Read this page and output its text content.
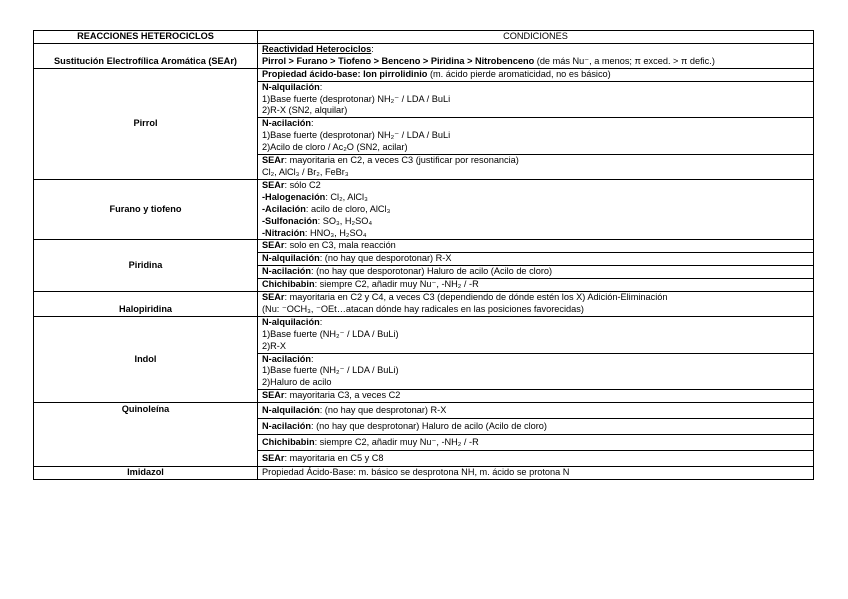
REACCIONES HETEROCICLOS	CONDICIONES
Sustitución Electrofílica Aromática (SEAr)	Reactividad Heterociclos:
Pirrol > Furano > Tiofeno > Benceno > Piridina > Nitrobenceno (de más Nu⁻, a menos; π exced. > π defic.)

Pirrol	Propiedad ácido-base: Ion pirrolidinio (m. ácido pierde aromaticidad, no es básico)

	N-alquilación:
1)Base fuerte (desprotonar) NH₂⁻ / LDA / BuLi
2)R-X (SN2, alquilar)

	N-acilación:
1)Base fuerte (desprotonar) NH₂⁻ / LDA / BuLi
2)Acilo de cloro / Ac₂O (SN2, acilar)

	SEAr: mayoritaria en C2, a veces C3 (justificar por resonancia)
Cl₂, AlCl₃ / Br₂, FeBr₃

Furano y tiofeno	SEAr: sólo C2
-Halogenación: Cl₂, AlCl₃
-Acilación: acilo de cloro, AlCl₃
-Sulfonación: SO₃, H₂SO₄
-Nitración: HNO₃, H₂SO₄

Piridina	SEAr: solo en C3, mala reacción
	N-alquilación: (no hay que desporotonar) R-X
	N-acilación: (no hay que desporotonar) Haluro de acilo (Acilo de cloro)
	Chichibabin: siempre C2, añadir muy Nu⁻, -NH₂ / -R
Halopiridina	SEAr: mayoritaria en C2 y C4, a veces C3 (dependiendo de dónde estén los X) Adición-Eliminación
(Nu: ⁻OCH₃, ⁻OEt…atacan dónde hay radicales en las posiciones favorecidas)

Indol	N-alquilación:
1)Base fuerte (NH₂⁻ / LDA / BuLi)
2)R-X

	N-acilación:
1)Base fuerte (NH₂⁻ / LDA / BuLi)
2)Haluro de acilo

	SEAr: mayoritaria C3, a veces C2
Quinoleína	N-alquilación: (no hay que desprotonar) R-X
	N-acilación: (no hay que desprotonar) Haluro de acilo (Acilo de cloro)
	Chichibabin: siempre C2, añadir muy Nu⁻, -NH₂ / -R
	SEAr: mayoritaria en C5 y C8
Imidazol	Propiedad Ácido-Base: m. básico se desprotona NH, m. ácido se protona N
